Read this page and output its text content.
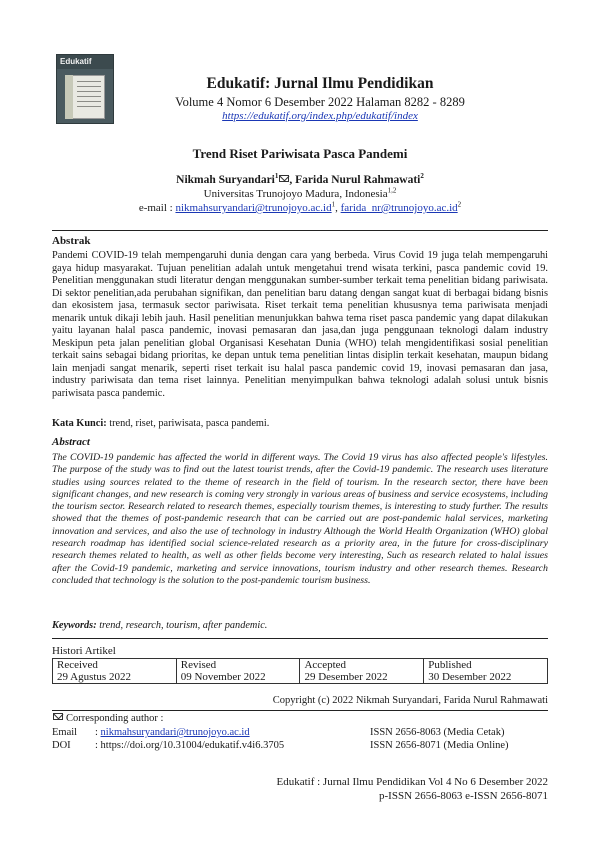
Edukatif
Edukatif: Jurnal Ilmu Pendidikan
Volume 4 Nomor 6 Desember 2022 Halaman 8282 - 8289
https://edukatif.org/index.php/edukatif/index
Trend Riset Pariwisata Pasca Pandemi
Nikmah Suryandari$^1$ , Farida Nurul Rahmawati$^2$
Universitas Trunojoyo Madura, Indonesia$^{1,2}$
e-mail : $nikmahsuryandari@trunojoyo.ac.id^1$, $farida\_nr@trunojoyo.ac.id^2$
Abstrak
Pandemi COVID-19 telah mempengaruhi dunia dengan cara yang berbeda. Virus Covid 19 juga telah mempengaruhi gaya hidup masyarakat. Tujuan penelitian adalah untuk mengetahui trend wisata terkini, pasca pandemic covid 19. Penelitian menggunakan studi literatur dengan menggunakan sumber-sumber terkait tema penelitian bidang pariwisata. Di sektor penelitian,ada perubahan signifikan, dan penelitian baru datang dengan sangat kuat di berbagai bidang bisnis dan ekosistem jasa, termasuk sector pariwisata. Riset terkait tema penelitian khususnya tema pariwisata menjadi menarik untuk dikaji lebih jauh. Hasil penelitian menunjukkan bahwa tema riset pasca pandemic yang dapat dilakukan yaitu layanan halal pasca pandemic, inovasi pemasaran dan jasa,dan juga penggunaan teknologi dalam industry Meskipun peta jalan penelitian global Organisasi Kesehatan Dunia (WHO) telah mengidentifikasi sosial penelitian terkait sains sebagai bidang prioritas, ke depan untuk tema penelitian lintas disiplin terkait kesehatan, maupun bidang lain menjadi sangat menarik, seperti riset terkait isu halal pasca pandemic covid 19, inovasi pemasaran dan jasa, industry pariwisata dan tema riset lainnya. Penelitian menyimpulkan bahwa teknologi adalah solusi untuk bisnis pariwisata pasca pandemic.
Kata Kunci: trend, riset, pariwisata, pasca pandemi.
Abstract
The COVID-19 pandemic has affected the world in different ways. The Covid 19 virus has also affected people's lifestyles. The purpose of the study was to find out the latest tourist trends, after the Covid-19 pandemic. The research uses literature studies using sources related to the theme of research in the field of tourism. In the research sector, there have been significant changes, and new research is coming very strongly in various areas of business and service ecosystems, including the tourism sector. Research related to research themes, especially tourism themes, is interesting to study further. The results showed that the themes of post-pandemic research that can be carried out are post-pandemic halal services, marketing innovation and services, and also the use of technology in industry Although the World Health Organization (WHO) global research roadmap has identified social science-related research as a priority area, in the future for cross-disciplinary research themes related to health, as well as other fields become very interesting, Such as research related to halal issues after the Covid-19 pandemic, marketing and service innovations, tourism industry and other research themes. Research concluded that technology is the solution to the post-pandemic tourism business.
Keywords: trend, research, tourism, after pandemic.
Histori Artikel
Received	Revised	Accepted	Published
29 Agustus 2022	09 November 2022	29 Desember 2022	30 Desember 2022
Copyright (c) 2022 Nikmah Suryandari, Farida Nurul Rahmawati
Corresponding author :
Email : nikmahsuryandari@trunojoyo.ac.id	ISSN 2656-8063 (Media Cetak)
DOI : https://doi.org/10.31004/edukatif.v4i6.3705	ISSN 2656-8071 (Media Online)
Edukatif : Jurnal Ilmu Pendidikan Vol 4 No 6 Desember 2022
p-ISSN 2656-8063 e-ISSN 2656-8071
